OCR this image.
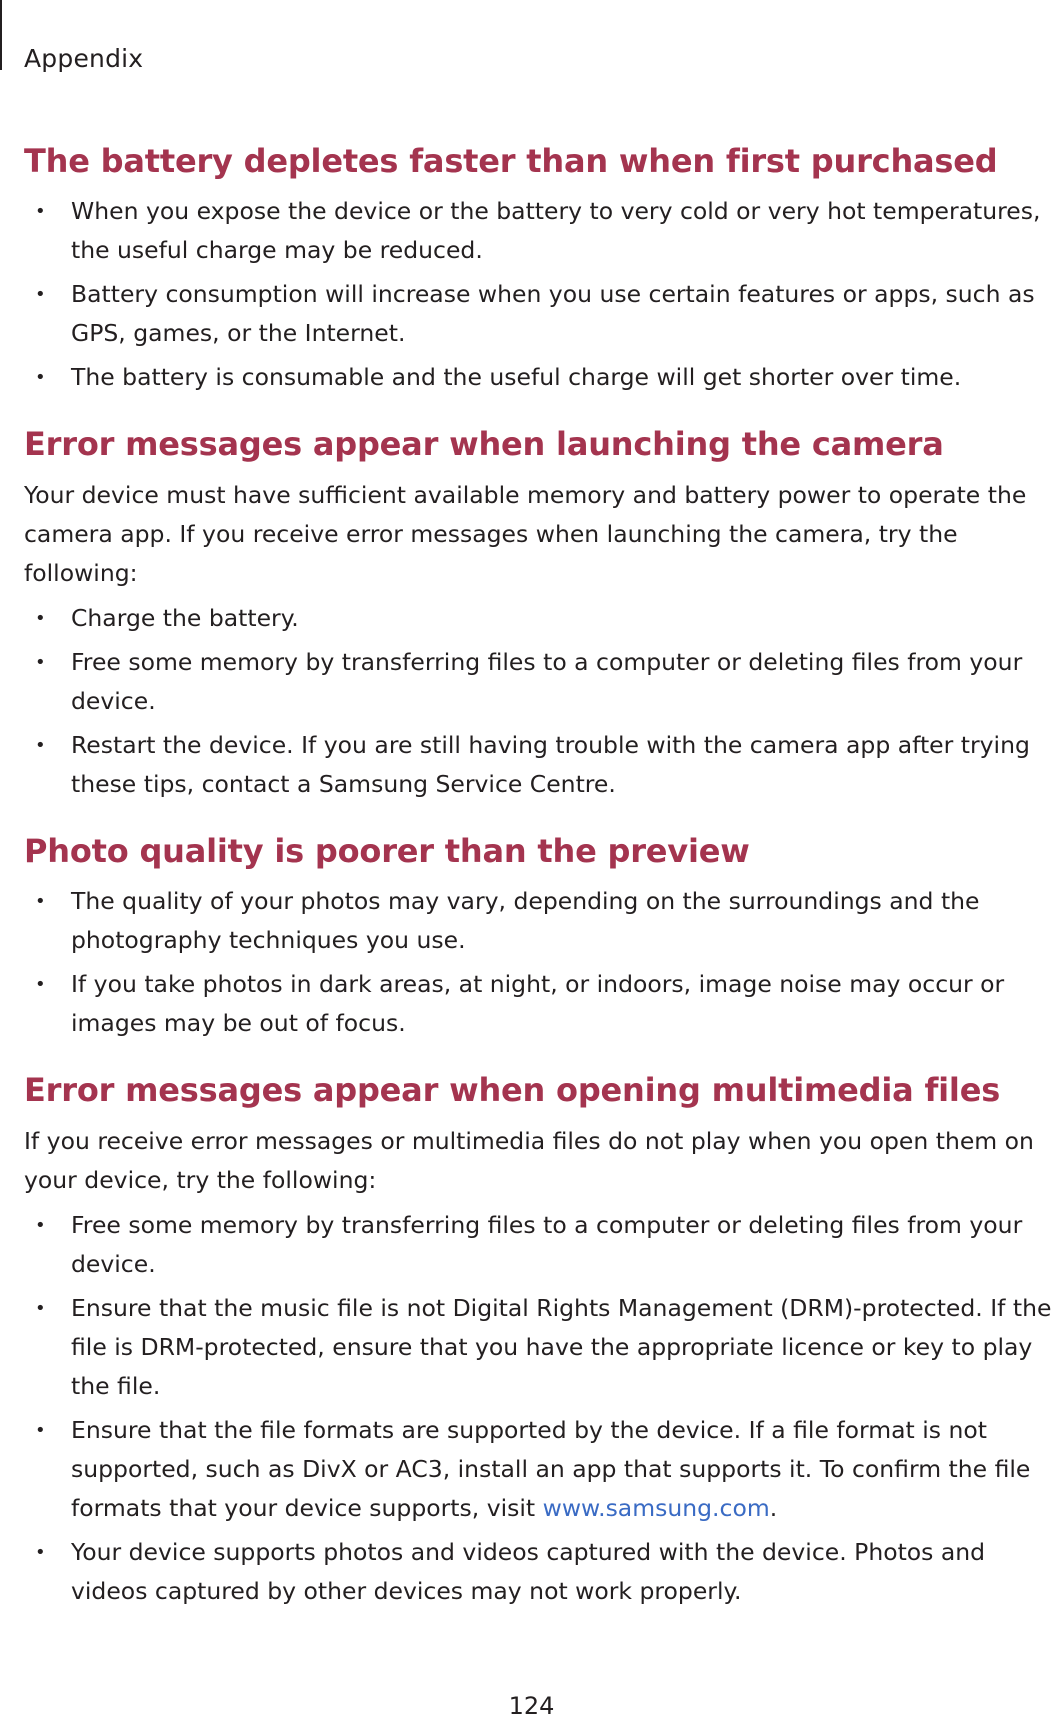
Appendix
The battery depletes faster than when first purchased
• When you expose the device or the battery to very cold or very hot temperatures, the useful charge may be reduced.
• Battery consumption will increase when you use certain features or apps, such as GPS, games, or the Internet.
• The battery is consumable and the useful charge will get shorter over time.
Error messages appear when launching the camera

Your device must have sufficient available memory and battery power to operate the camera app. If you receive error messages when launching the camera, try the following:

• Charge the battery.
• Free some memory by transferring files to a computer or deleting files from your device.
• Restart the device. If you are still having trouble with the camera app after trying these tips, contact a Samsung Service Centre.
Photo quality is poorer than the preview
• The quality of your photos may vary, depending on the surroundings and the photography techniques you use.
• If you take photos in dark areas, at night, or indoors, image noise may occur or images may be out of focus.
Error messages appear when opening multimedia files

If you receive error messages or multimedia files do not play when you open them on your device, try the following:

• Free some memory by transferring files to a computer or deleting files from your device.
• Ensure that the music file is not Digital Rights Management (DRM)-protected. If the file is DRM-protected, ensure that you have the appropriate licence or key to play the file.
• Ensure that the file formats are supported by the device. If a file format is not supported, such as DivX or AC3, install an app that supports it. To confirm the file formats that your device supports, visit www.samsung.com.
• Your device supports photos and videos captured with the device. Photos and videos captured by other devices may not work properly.
124
